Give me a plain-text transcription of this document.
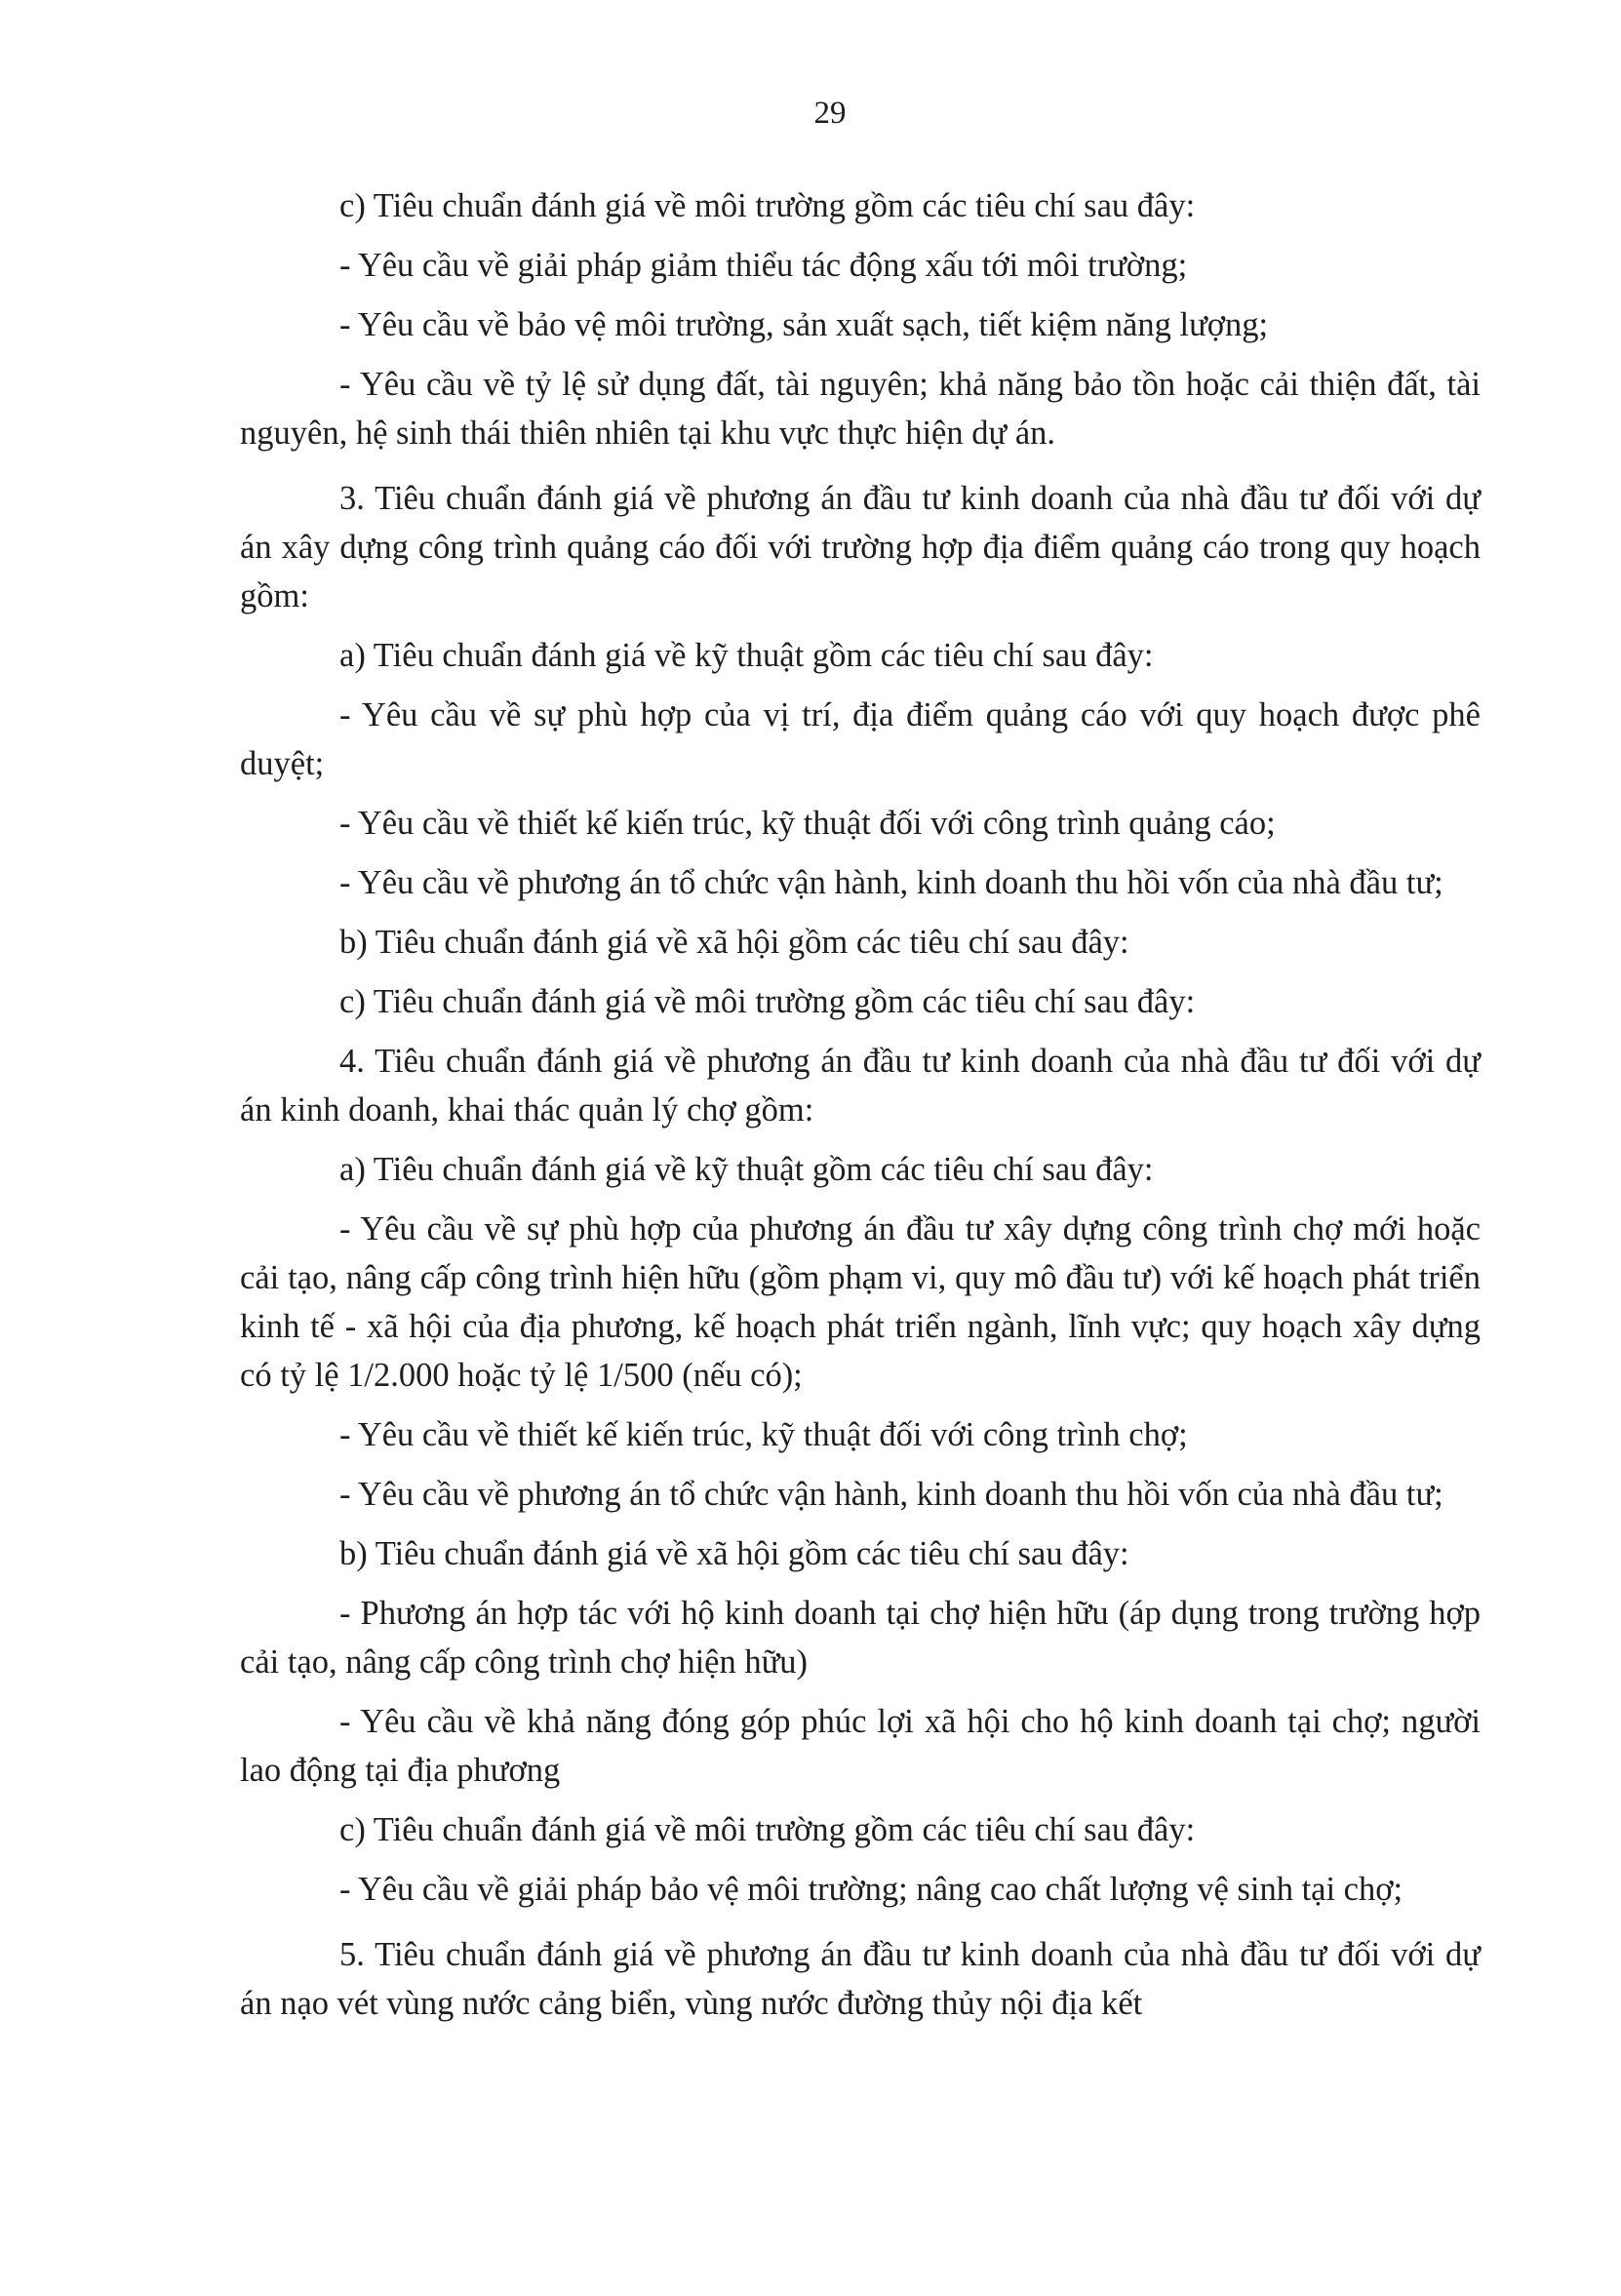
29

c) Tiêu chuẩn đánh giá về môi trường gồm các tiêu chí sau đây:

- Yêu cầu về giải pháp giảm thiểu tác động xấu tới môi trường;

- Yêu cầu về bảo vệ môi trường, sản xuất sạch, tiết kiệm năng lượng;

- Yêu cầu về tỷ lệ sử dụng đất, tài nguyên; khả năng bảo tồn hoặc cải thiện đất, tài nguyên, hệ sinh thái thiên nhiên tại khu vực thực hiện dự án.

3. Tiêu chuẩn đánh giá về phương án đầu tư kinh doanh của nhà đầu tư đối với dự án xây dựng công trình quảng cáo đối với trường hợp địa điểm quảng cáo trong quy hoạch gồm:

a) Tiêu chuẩn đánh giá về kỹ thuật gồm các tiêu chí sau đây:

- Yêu cầu về sự phù hợp của vị trí, địa điểm quảng cáo với quy hoạch được phê duyệt;

- Yêu cầu về thiết kế kiến trúc, kỹ thuật đối với công trình quảng cáo;

- Yêu cầu về phương án tổ chức vận hành, kinh doanh thu hồi vốn của nhà đầu tư;

b) Tiêu chuẩn đánh giá về xã hội gồm các tiêu chí sau đây:

c) Tiêu chuẩn đánh giá về môi trường gồm các tiêu chí sau đây:

4. Tiêu chuẩn đánh giá về phương án đầu tư kinh doanh của nhà đầu tư đối với dự án kinh doanh, khai thác quản lý chợ gồm:

a) Tiêu chuẩn đánh giá về kỹ thuật gồm các tiêu chí sau đây:

- Yêu cầu về sự phù hợp của phương án đầu tư xây dựng công trình chợ mới hoặc cải tạo, nâng cấp công trình hiện hữu (gồm phạm vi, quy mô đầu tư) với kế hoạch phát triển kinh tế - xã hội của địa phương, kế hoạch phát triển ngành, lĩnh vực; quy hoạch xây dựng có tỷ lệ 1/2.000 hoặc tỷ lệ 1/500 (nếu có);

- Yêu cầu về thiết kế kiến trúc, kỹ thuật đối với công trình chợ;

- Yêu cầu về phương án tổ chức vận hành, kinh doanh thu hồi vốn của nhà đầu tư;

b) Tiêu chuẩn đánh giá về xã hội gồm các tiêu chí sau đây:

- Phương án hợp tác với hộ kinh doanh tại chợ hiện hữu (áp dụng trong trường hợp cải tạo, nâng cấp công trình chợ hiện hữu)

- Yêu cầu về khả năng đóng góp phúc lợi xã hội cho hộ kinh doanh tại chợ; người lao động tại địa phương

c) Tiêu chuẩn đánh giá về môi trường gồm các tiêu chí sau đây:

- Yêu cầu về giải pháp bảo vệ môi trường; nâng cao chất lượng vệ sinh tại chợ;

5. Tiêu chuẩn đánh giá về phương án đầu tư kinh doanh của nhà đầu tư đối với dự án nạo vét vùng nước cảng biển, vùng nước đường thủy nội địa kết
